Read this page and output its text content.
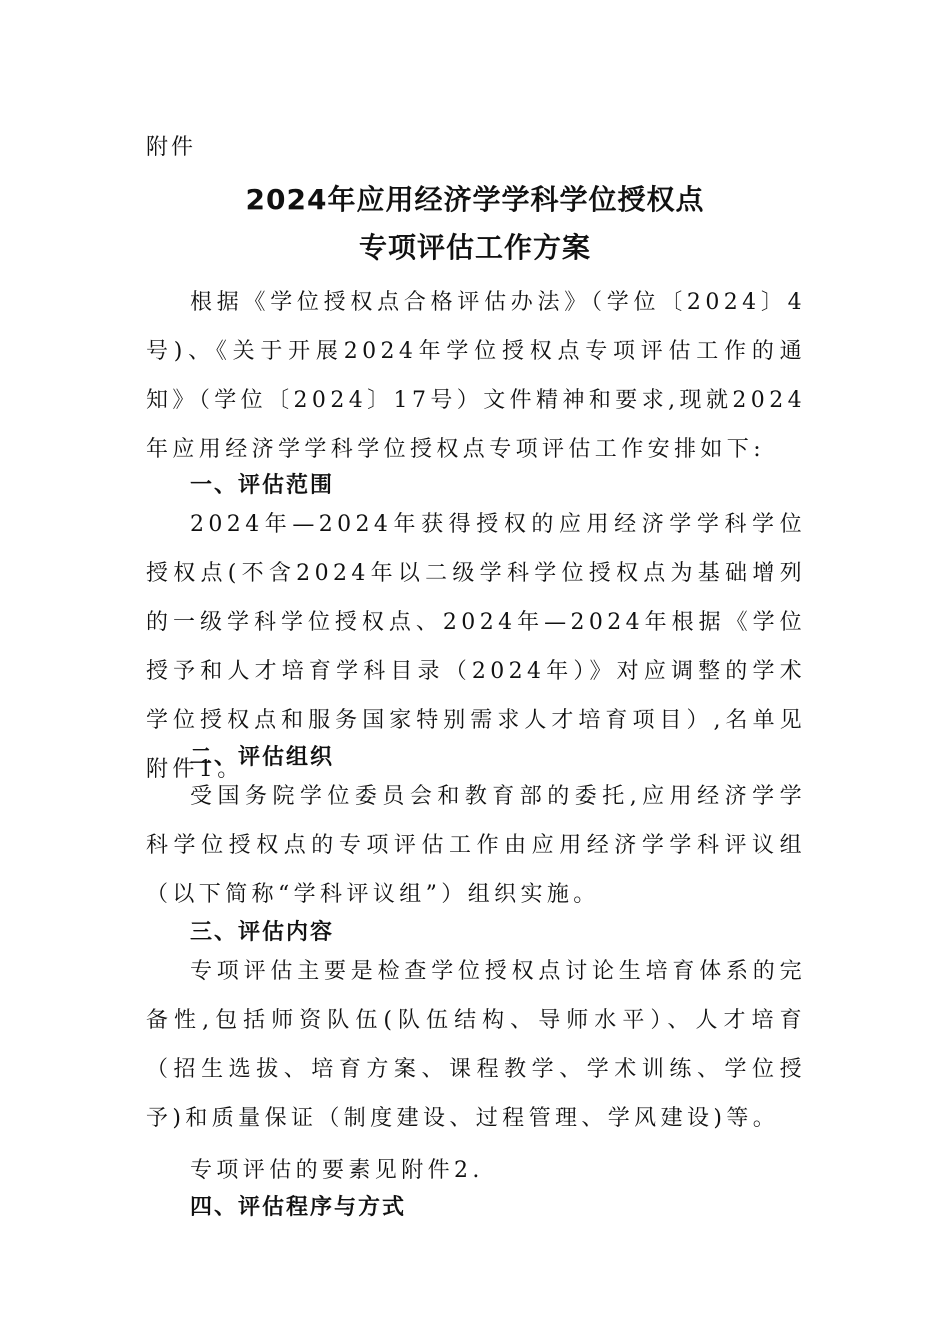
附件
2024年应用经济学学科学位授权点
专项评估工作方案

根据《学位授权点合格评估办法》（学位〔2024〕4号)、《关于开展2024年学位授权点专项评估工作的通知》（学位〔2024〕17号）文件精神和要求,现就2024年应用经济学学科学位授权点专项评估工作安排如下:

一、评估范围

2024年—2024年获得授权的应用经济学学科学位授权点(不含2024年以二级学科学位授权点为基础增列的一级学科学位授权点、2024年—2024年根据《学位授予和人才培育学科目录（2024年）》对应调整的学术学位授权点和服务国家特别需求人才培育项目）,名单见附件1。

二、评估组织

受国务院学位委员会和教育部的委托,应用经济学学科学位授权点的专项评估工作由应用经济学学科评议组（以下简称“学科评议组”）组织实施。

三、评估内容

专项评估主要是检查学位授权点讨论生培育体系的完备性,包括师资队伍(队伍结构、导师水平）、人才培育（招生选拔、培育方案、课程教学、学术训练、学位授予)和质量保证（制度建设、过程管理、学风建设)等。

专项评估的要素见附件2.

四、评估程序与方式
